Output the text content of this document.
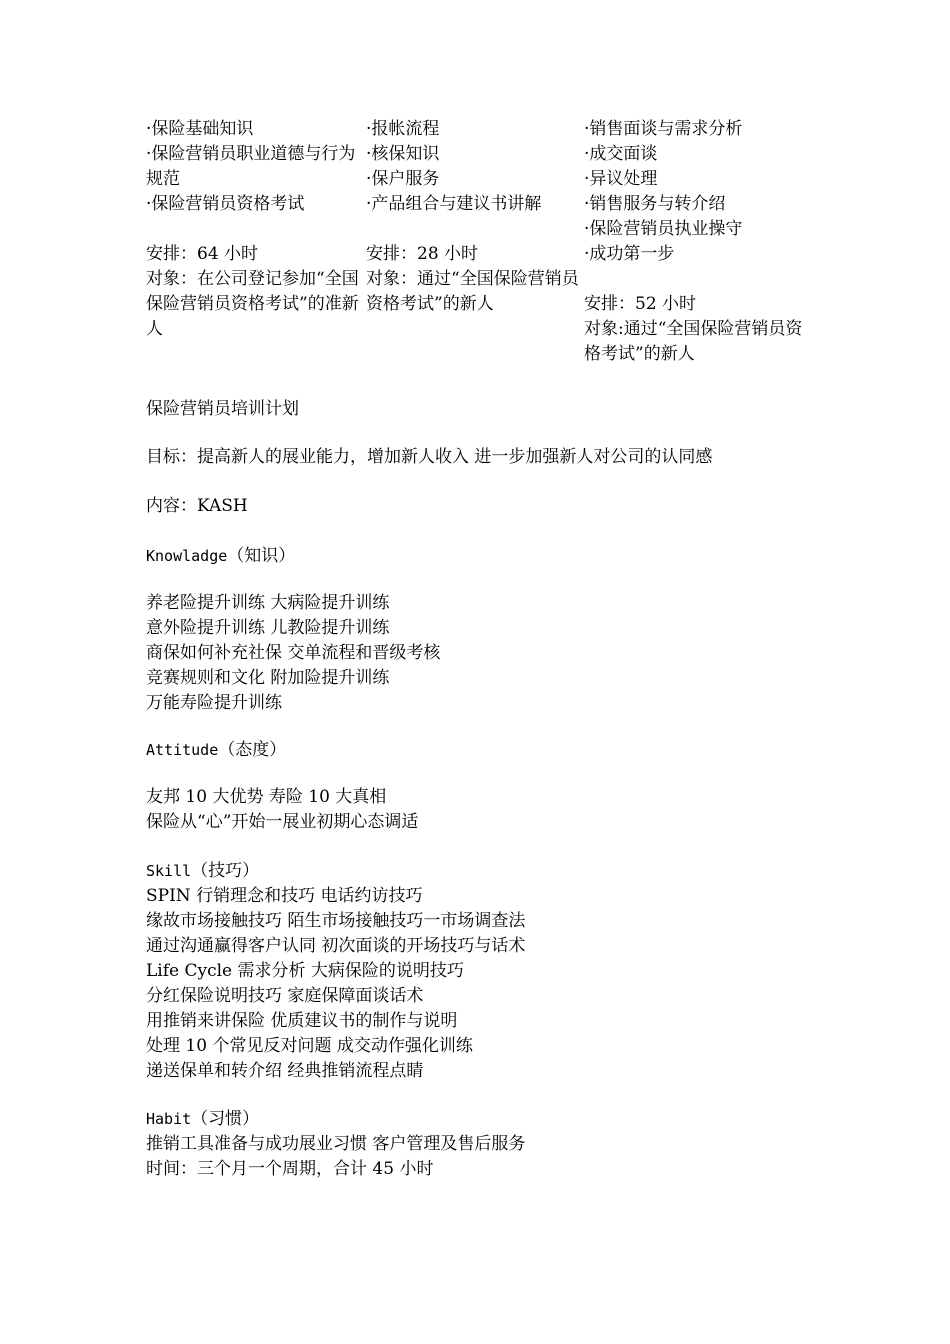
·保险基础知识
·保险营销员职业道德与行为规范
·保险营销员资格考试
安排：64 小时
对象：在公司登记参加“全国保险营销员资格考试”的准新人
·报帐流程
·核保知识
·保户服务
·产品组合与建议书讲解
安排：28 小时
对象：通过“全国保险营销员资格考试”的新人
·销售面谈与需求分析
·成交面谈
·异议处理
·销售服务与转介绍
·保险营销员执业操守
·成功第一步
安排：52 小时
对象:通过“全国保险营销员资格考试”的新人
保险营销员培训计划
目标：提高新人的展业能力，增加新人收入 进一步加强新人对公司的认同感
内容：KASH
Knowladge（知识）
养老险提升训练 大病险提升训练
意外险提升训练 儿教险提升训练
商保如何补充社保 交单流程和晋级考核
竞赛规则和文化 附加险提升训练
万能寿险提升训练
Attitude（态度）
友邦 10 大优势 寿险 10 大真相
保险从“心”开始一展业初期心态调适
Skill（技巧）
SPIN 行销理念和技巧 电话约访技巧
缘故市场接触技巧 陌生市场接触技巧一市场调查法
通过沟通赢得客户认同 初次面谈的开场技巧与话术
Life Cycle 需求分析 大病保险的说明技巧
分红保险说明技巧 家庭保障面谈话术
用推销来讲保险 优质建议书的制作与说明
处理 10 个常见反对问题 成交动作强化训练
递送保单和转介绍 经典推销流程点睛
Habit（习惯）
推销工具准备与成功展业习惯 客户管理及售后服务
时间：三个月一个周期，合计 45 小时
